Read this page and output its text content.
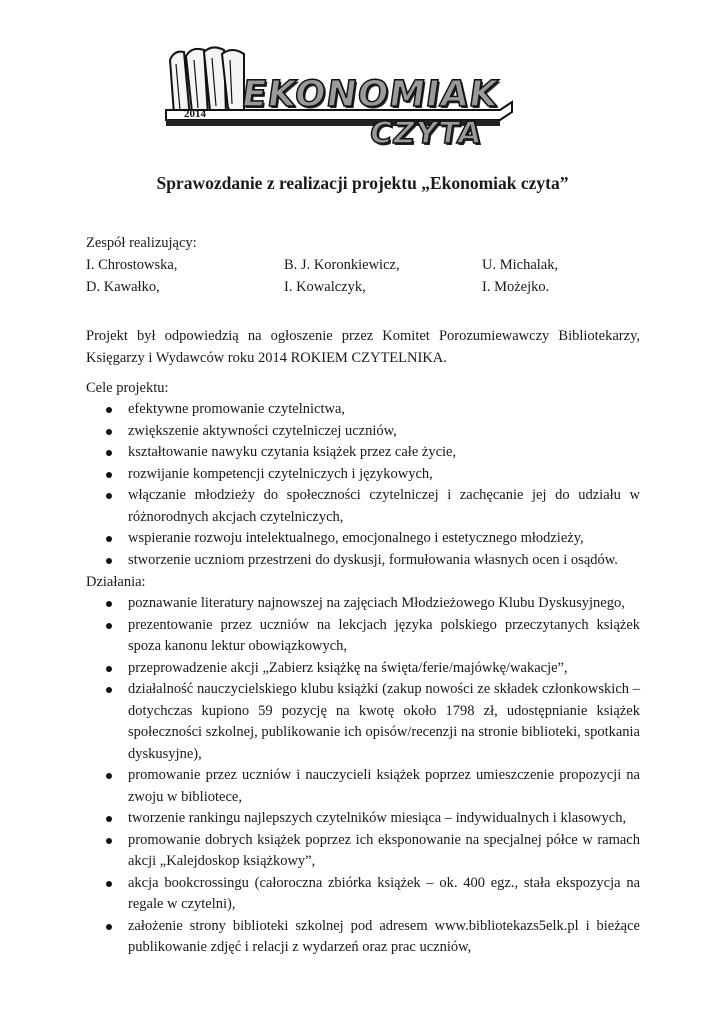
2014 EKONOMIAK
CZYTA
Sprawozdanie z realizacji projektu „Ekonomiak czyta”

Zespół realizujący:

I. Chrostowska,	B. J. Koronkiewicz,	U. Michalak,
D. Kawałko,	I. Kowalczyk,	I. Możejko.

Projekt był odpowiedzią na ogłoszenie przez Komitet Porozumiewawczy Bibliotekarzy, Księgarzy i Wydawców roku 2014 ROKIEM CZYTELNIKA.

Cele projektu:

efektywne promowanie czytelnictwa,
zwiększenie aktywności czytelniczej uczniów,
kształtowanie nawyku czytania książek przez całe życie,
rozwijanie kompetencji czytelniczych i językowych,
włączanie młodzieży do społeczności czytelniczej i zachęcanie jej do udziału w różnorodnych akcjach czytelniczych,
wspieranie rozwoju intelektualnego, emocjonalnego i estetycznego młodzieży,
stworzenie uczniom przestrzeni do dyskusji, formułowania własnych ocen i osądów.

Działania:

poznawanie literatury najnowszej na zajęciach Młodzieżowego Klubu Dyskusyjnego,
prezentowanie przez uczniów na lekcjach języka polskiego przeczytanych książek spoza kanonu lektur obowiązkowych,
przeprowadzenie akcji „Zabierz książkę na święta/ferie/majówkę/wakacje”,
działalność nauczycielskiego klubu książki (zakup nowości ze składek członkowskich – dotychczas kupiono 59 pozycję na kwotę około 1798 zł, udostępnianie książek społeczności szkolnej, publikowanie ich opisów/recenzji na stronie biblioteki, spotkania dyskusyjne),
promowanie przez uczniów i nauczycieli książek poprzez umieszczenie propozycji na zwoju w bibliotece,
tworzenie rankingu najlepszych czytelników miesiąca – indywidualnych i klasowych,
promowanie dobrych książek poprzez ich eksponowanie na specjalnej półce w ramach akcji „Kalejdoskop książkowy”,
akcja bookcrossingu (całoroczna zbiórka książek – ok. 400 egz., stała ekspozycja na regale w czytelni),
założenie strony biblioteki szkolnej pod adresem www.bibliotekazs5elk.pl i bieżące publikowanie zdjęć i relacji z wydarzeń oraz prac uczniów,
